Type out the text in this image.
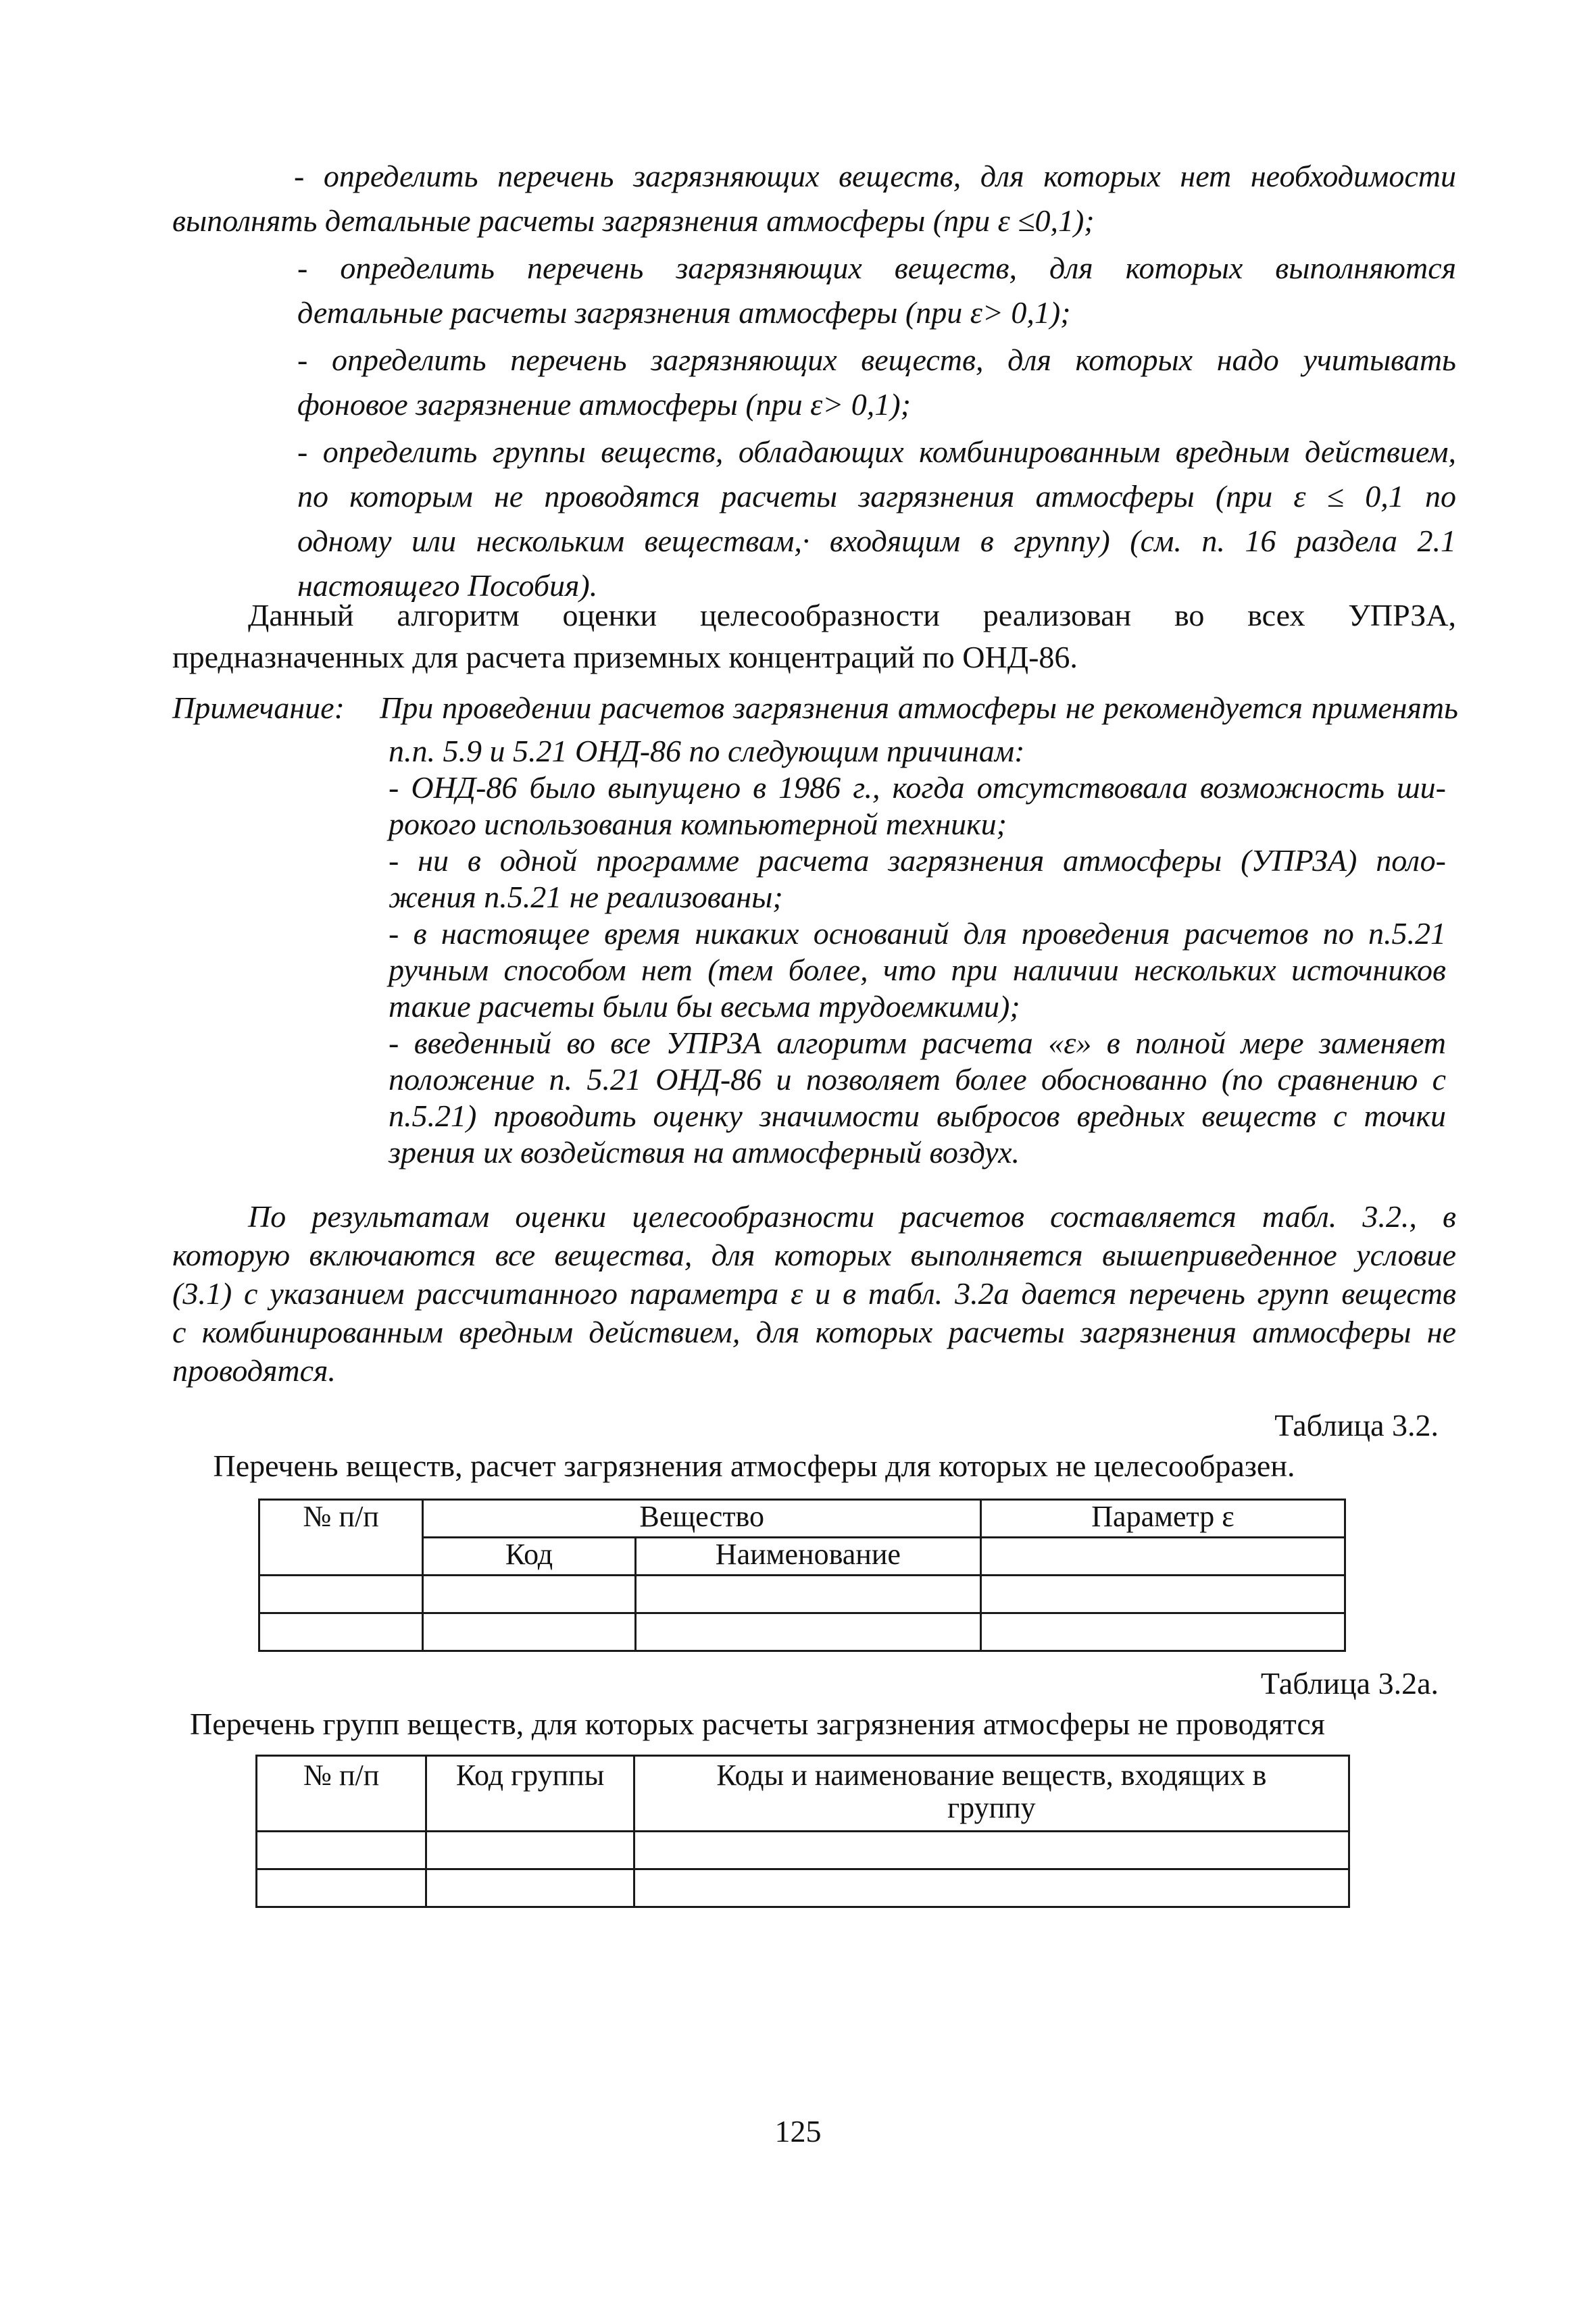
- определить перечень загрязняющих веществ, для которых нет необходимости
выполнять детальные расчеты загрязнения атмосферы (при ε ≤0,1);
- определить перечень загрязняющих веществ, для которых выполняются
детальные расчеты загрязнения атмосферы (при ε> 0,1);
- определить перечень загрязняющих веществ, для которых надо учитывать
фоновое загрязнение атмосферы (при ε> 0,1);
- определить группы веществ, обладающих комбинированным вредным действием,
по которым не проводятся расчеты загрязнения атмосферы (при ε ≤ 0,1 по
одному или нескольким веществам,· входящим в группу) (см. п. 16 раздела 2.1
настоящего Пособия).
Данный алгоритм оценки целесообразности реализован во всех УПРЗА,
предназначенных для расчета приземных концентраций по ОНД-86.

Примечание: При проведении расчетов загрязнения атмосферы не рекомендуется применять

п.п. 5.9 и 5.21 ОНД-86 по следующим причинам:
- ОНД-86 было выпущено в 1986 г., когда отсутствовала возможность ши-
рокого использования компьютерной техники;
- ни в одной программе расчета загрязнения атмосферы (УПРЗА) поло-
жения п.5.21 не реализованы;
- в настоящее время никаких оснований для проведения расчетов по п.5.21
ручным способом нет (тем более, что при наличии нескольких источников
такие расчеты были бы весьма трудоемкими);
- введенный во все УПРЗА алгоритм расчета «ε» в полной мере заменяет
положение п. 5.21 ОНД-86 и позволяет более обоснованно (по сравнению с
п.5.21) проводить оценку значимости выбросов вредных веществ с точки
зрения их воздействия на атмосферный воздух.
По результатам оценки целесообразности расчетов составляется табл. 3.2., в
которую включаются все вещества, для которых выполняется вышеприведенное условие
(3.1) с указанием рассчитанного параметра ε и в табл. 3.2а дается перечень групп веществ
с комбинированным вредным действием, для которых расчеты загрязнения атмосферы не
проводятся.

Таблица 3.2.

Перечень веществ, расчет загрязнения атмосферы для которых не целесообразен.

№ п/п	Вещество		Параметр ε
	Код	Наименование	

Таблица 3.2а.

Перечень групп веществ, для которых расчеты загрязнения атмосферы не проводятся

№ п/п	Код группы	Коды и наименование веществ, входящих в группу

125
